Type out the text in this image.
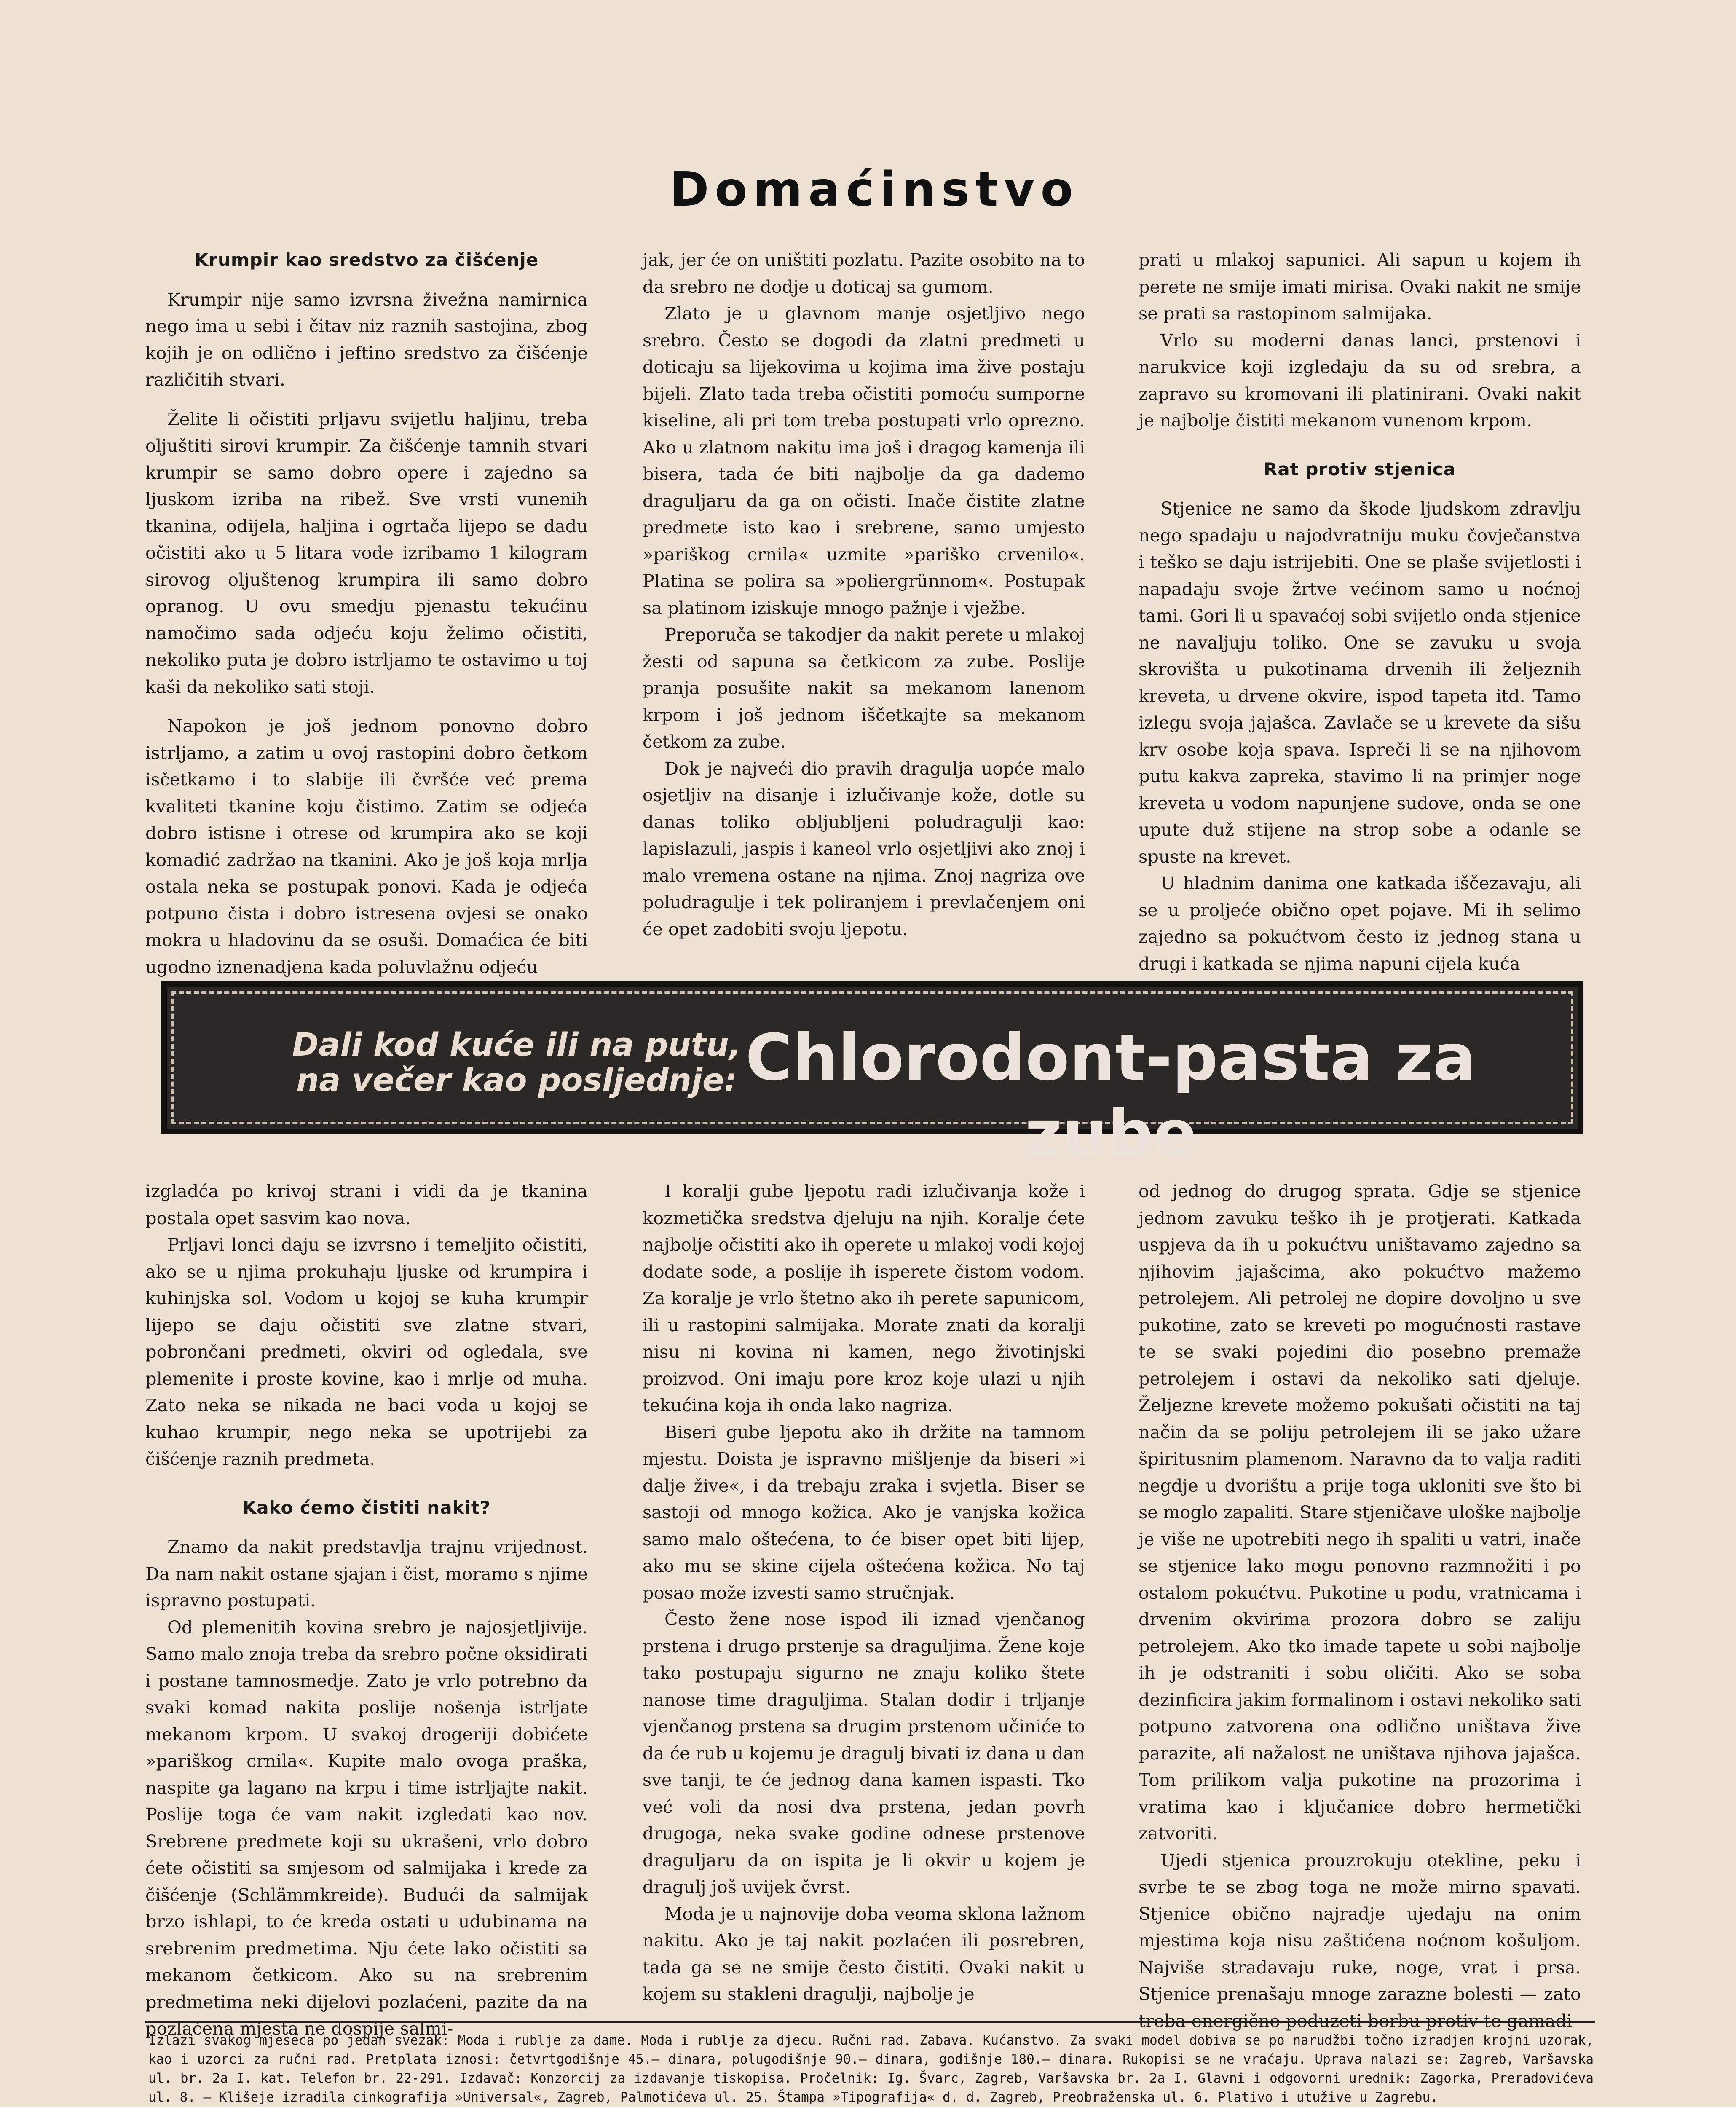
Domaćinstvo
Krumpir kao sredstvo za čišćenje

Krumpir nije samo izvrsna živežna namirnica nego ima u sebi i čitav niz raznih sastojina, zbog kojih je on odlično i jeftino sredstvo za čišćenje različitih stvari.

Želite li očistiti prljavu svijetlu haljinu, treba oljuštiti sirovi krumpir. Za čišćenje tamnih stvari krumpir se samo dobro opere i zajedno sa ljuskom izriba na ribež. Sve vrsti vunenih tkanina, odijela, haljina i ogrtača lijepo se dadu očistiti ako u 5 litara vode izribamo 1 kilogram sirovog oljuštenog krumpira ili samo dobro opranog. U ovu smedju pjenastu tekućinu namočimo sada odjeću koju želimo očistiti, nekoliko puta je dobro istrljamo te ostavimo u toj kaši da nekoliko sati stoji.

Napokon je još jednom ponovno dobro istrljamo, a zatim u ovoj rastopini dobro četkom isčetkamo i to slabije ili čvršće već prema kvaliteti tkanine koju čistimo. Zatim se odjeća dobro istisne i otrese od krumpira ako se koji komadić zadržao na tkanini. Ako je još koja mrlja ostala neka se postupak ponovi. Kada je odjeća potpuno čista i dobro istresena ovjesi se onako mokra u hladovinu da se osuši. Domaćica će biti ugodno iznenadjena kada poluvlažnu odjeću

jak, jer će on uništiti pozlatu. Pazite osobito na to da srebro ne dodje u doticaj sa gumom.

Zlato je u glavnom manje osjetljivo nego srebro. Često se dogodi da zlatni predmeti u doticaju sa lijekovima u kojima ima žive postaju bijeli. Zlato tada treba očistiti pomoću sumporne kiseline, ali pri tom treba postupati vrlo oprezno. Ako u zlatnom nakitu ima još i dragog kamenja ili bisera, tada će biti najbolje da ga dademo draguljaru da ga on očisti. Inače čistite zlatne predmete isto kao i srebrene, samo umjesto »pariškog crnila« uzmite »pariško crvenilo«. Platina se polira sa »poliergrünnom«. Postupak sa platinom iziskuje mnogo pažnje i vježbe.

Preporuča se takodjer da nakit perete u mlakoj žesti od sapuna sa četkicom za zube. Poslije pranja posušite nakit sa mekanom lanenom krpom i još jednom iščetkajte sa mekanom četkom za zube.

Dok je najveći dio pravih dragulja uopće malo osjetljiv na disanje i izlučivanje kože, dotle su danas toliko obljubljeni poludragulji kao: lapislazuli, jaspis i kaneol vrlo osjetljivi ako znoj i malo vremena ostane na njima. Znoj nagriza ove poludragulje i tek poliranjem i prevlačenjem oni će opet zadobiti svoju ljepotu.

prati u mlakoj sapunici. Ali sapun u kojem ih perete ne smije imati mirisa. Ovaki nakit ne smije se prati sa rastopinom salmijaka.

Vrlo su moderni danas lanci, prstenovi i narukvice koji izgledaju da su od srebra, a zapravo su kromovani ili platinirani. Ovaki nakit je najbolje čistiti mekanom vunenom krpom.

Rat protiv stjenica

Stjenice ne samo da škode ljudskom zdravlju nego spadaju u najodvratniju muku čovječanstva i teško se daju istrijebiti. One se plaše svijetlosti i napadaju svoje žrtve većinom samo u noćnoj tami. Gori li u spavaćoj sobi svijetlo onda stjenice ne navaljuju toliko. One se zavuku u svoja skrovišta u pukotinama drvenih ili željeznih kreveta, u drvene okvire, ispod tapeta itd. Tamo izlegu svoja jajašca. Zavlače se u krevete da sišu krv osobe koja spava. Ispreči li se na njihovom putu kakva zapreka, stavimo li na primjer noge kreveta u vodom napunjene sudove, onda se one upute duž stijene na strop sobe a odanle se spuste na krevet.

U hladnim danima one katkada iščezavaju, ali se u proljeće obično opet pojave. Mi ih selimo zajedno sa pokućtvom često iz jednog stana u drugi i katkada se njima napuni cijela kuća

Dali kod kuće ili na putu,
na večer kao posljednje: Chlorodont-pasta za zube

izgladća po krivoj strani i vidi da je tkanina postala opet sasvim kao nova.

Prljavi lonci daju se izvrsno i temeljito očistiti, ako se u njima prokuhaju ljuske od krumpira i kuhinjska sol. Vodom u kojoj se kuha krumpir lijepo se daju očistiti sve zlatne stvari, pobrončani predmeti, okviri od ogledala, sve plemenite i proste kovine, kao i mrlje od muha. Zato neka se nikada ne baci voda u kojoj se kuhao krumpir, nego neka se upotrijebi za čišćenje raznih predmeta.

Kako ćemo čistiti nakit?

Znamo da nakit predstavlja trajnu vrijednost. Da nam nakit ostane sjajan i čist, moramo s njime ispravno postupati.

Od plemenitih kovina srebro je najosjetljivije. Samo malo znoja treba da srebro počne oksidirati i postane tamnosmedje. Zato je vrlo potrebno da svaki komad nakita poslije nošenja istrljate mekanom krpom. U svakoj drogeriji dobićete »pariškog crnila«. Kupite malo ovoga praška, naspite ga lagano na krpu i time istrljajte nakit. Poslije toga će vam nakit izgledati kao nov. Srebrene predmete koji su ukrašeni, vrlo dobro ćete očistiti sa smjesom od salmijaka i krede za čišćenje (Schlämmkreide). Budući da salmijak brzo ishlapi, to će kreda ostati u udubinama na srebrenim predmetima. Nju ćete lako očistiti sa mekanom četkicom. Ako su na srebrenim predmetima neki dijelovi pozlaćeni, pazite da na pozlaćena mjesta ne dospije salmi-

I koralji gube ljepotu radi izlučivanja kože i kozmetička sredstva djeluju na njih. Koralje ćete najbolje očistiti ako ih operete u mlakoj vodi kojoj dodate sode, a poslije ih isperete čistom vodom. Za koralje je vrlo štetno ako ih perete sapunicom, ili u rastopini salmijaka. Morate znati da koralji nisu ni kovina ni kamen, nego životinjski proizvod. Oni imaju pore kroz koje ulazi u njih tekućina koja ih onda lako nagriza.

Biseri gube ljepotu ako ih držite na tamnom mjestu. Doista je ispravno mišljenje da biseri »i dalje žive«, i da trebaju zraka i svjetla. Biser se sastoji od mnogo kožica. Ako je vanjska kožica samo malo oštećena, to će biser opet biti lijep, ako mu se skine cijela oštećena kožica. No taj posao može izvesti samo stručnjak.

Često žene nose ispod ili iznad vjenčanog prstena i drugo prstenje sa draguljima. Žene koje tako postupaju sigurno ne znaju koliko štete nanose time draguljima. Stalan dodir i trljanje vjenčanog prstena sa drugim prstenom učiniće to da će rub u kojemu je dragulj bivati iz dana u dan sve tanji, te će jednog dana kamen ispasti. Tko već voli da nosi dva prstena, jedan povrh drugoga, neka svake godine odnese prstenove draguljaru da on ispita je li okvir u kojem je dragulj još uvijek čvrst.

Moda je u najnovije doba veoma sklona lažnom nakitu. Ako je taj nakit pozlaćen ili posrebren, tada ga se ne smije često čistiti. Ovaki nakit u kojem su stakleni dragulji, najbolje je

od jednog do drugog sprata. Gdje se stjenice jednom zavuku teško ih je protjerati. Katkada uspjeva da ih u pokućtvu uništavamo zajedno sa njihovim jajašcima, ako pokućtvo mažemo petrolejem. Ali petrolej ne dopire dovoljno u sve pukotine, zato se kreveti po mogućnosti rastave te se svaki pojedini dio posebno premaže petrolejem i ostavi da nekoliko sati djeluje. Željezne krevete možemo pokušati očistiti na taj način da se poliju petrolejem ili se jako užare špiritusnim plamenom. Naravno da to valja raditi negdje u dvorištu a prije toga ukloniti sve što bi se moglo zapaliti. Stare stjeničave uloške najbolje je više ne upotrebiti nego ih spaliti u vatri, inače se stjenice lako mogu ponovno razmnožiti i po ostalom pokućtvu. Pukotine u podu, vratnicama i drvenim okvirima prozora dobro se zaliju petrolejem. Ako tko imade tapete u sobi najbolje ih je odstraniti i sobu oličiti. Ako se soba dezinficira jakim formalinom i ostavi nekoliko sati potpuno zatvorena ona odlično uništava žive parazite, ali nažalost ne uništava njihova jajašca. Tom prilikom valja pukotine na prozorima i vratima kao i ključanice dobro hermetički zatvoriti.

Ujedi stjenica prouzrokuju otekline, peku i svrbe te se zbog toga ne može mirno spavati. Stjenice obično najradje ujedaju na onim mjestima koja nisu zaštićena noćnom košuljom. Najviše stradavaju ruke, noge, vrat i prsa. Stjenice prenašaju mnoge zarazne bolesti — zato treba energično poduzeti borbu protiv te gamadi

Izlazi svakog mjeseca po jedan svezak: Moda i rublje za dame. Moda i rublje za djecu. Ručni rad. Zabava. Kućanstvo. Za svaki model dobiva se po narudžbi točno izradjen krojni uzorak, kao i uzorci za ručni rad. Pretplata iznosi: četvrtgodišnje 45.— dinara, polugodišnje 90.— dinara, godišnje 180.— dinara. Rukopisi se ne vraćaju. Uprava nalazi se: Zagreb, Varšavska ul. br. 2a I. kat. Telefon br. 22-291. Izdavač: Konzorcij za izdavanje tiskopisa. Pročelnik: Ig. Švarc, Zagreb, Varšavska br. 2a I. Glavni i odgovorni urednik: Zagorka, Preradovićeva ul. 8. — Klišeje izradila cinkografija »Universal«, Zagreb, Palmotićeva ul. 25. Štampa »Tipografija« d. d. Zagreb, Preobraženska ul. 6. Plativo i utužive u Zagrebu.
